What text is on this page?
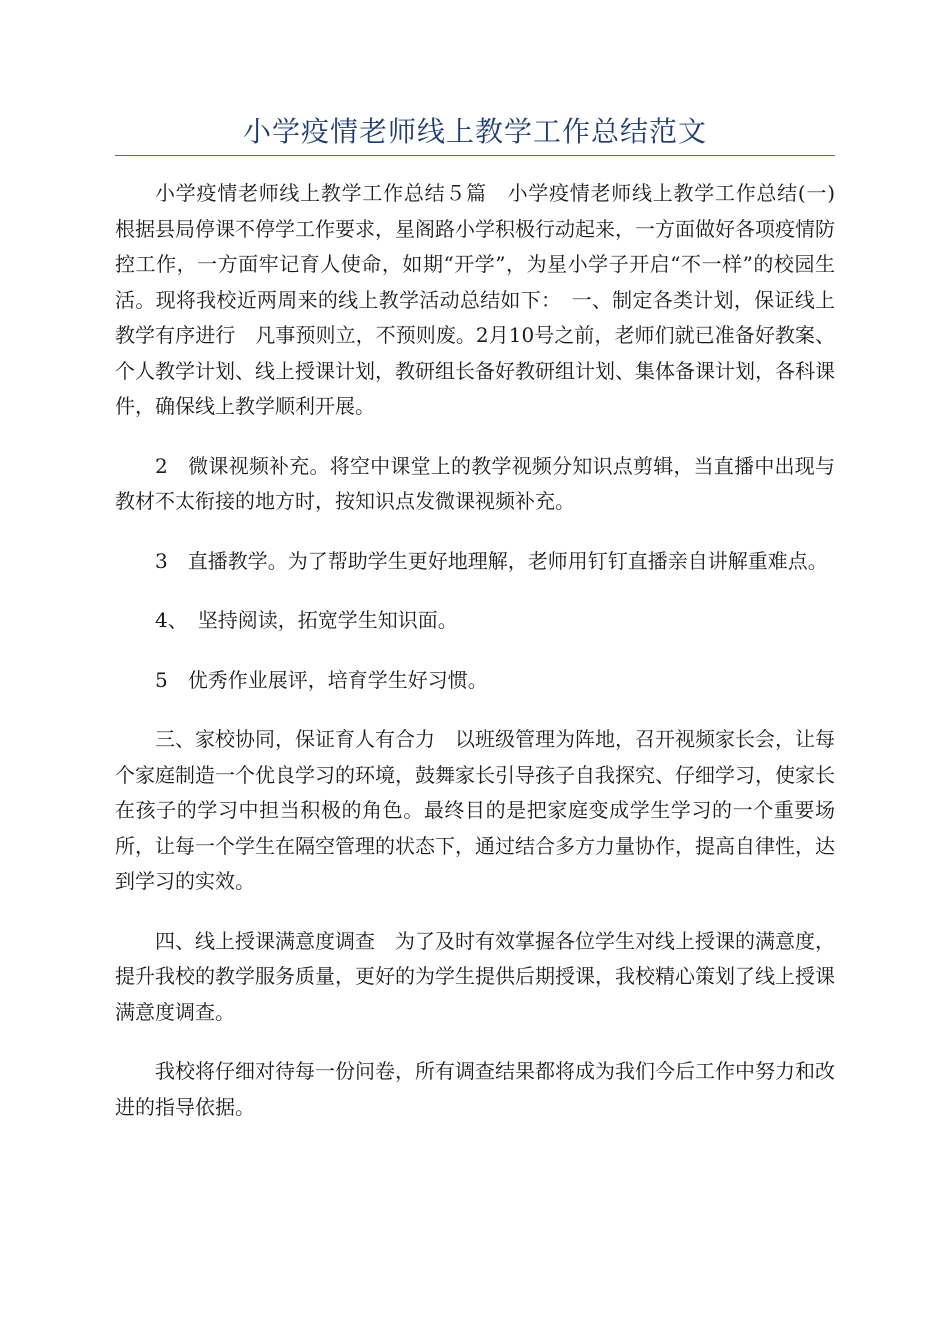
小学疫情老师线上教学工作总结范文

小学疫情老师线上教学工作总结５篇　小学疫情老师线上教学工作总结(一)　根据县局停课不停学工作要求，星阁路小学积极行动起来，一方面做好各项疫情防控工作，一方面牢记育人使命，如期“开学”，为星小学子开启“不一样”的校园生活。现将我校近两周来的线上教学活动总结如下：　一、制定各类计划，保证线上教学有序进行　凡事预则立，不预则废。2月10号之前，老师们就已准备好教案、个人教学计划、线上授课计划，教研组长备好教研组计划、集体备课计划，各科课件，确保线上教学顺利开展。

2　微课视频补充。将空中课堂上的教学视频分知识点剪辑，当直播中出现与教材不太衔接的地方时，按知识点发微课视频补充。

3　直播教学。为了帮助学生更好地理解，老师用钉钉直播亲自讲解重难点。

4、　坚持阅读，拓宽学生知识面。

5　优秀作业展评，培育学生好习惯。

三、家校协同，保证育人有合力　以班级管理为阵地，召开视频家长会，让每个家庭制造一个优良学习的环境，鼓舞家长引导孩子自我探究、仔细学习，使家长在孩子的学习中担当积极的角色。最终目的是把家庭变成学生学习的一个重要场所，让每一个学生在隔空管理的状态下，通过结合多方力量协作，提高自律性，达到学习的实效。

四、线上授课满意度调查　为了及时有效掌握各位学生对线上授课的满意度，提升我校的教学服务质量，更好的为学生提供后期授课，我校精心策划了线上授课满意度调查。

我校将仔细对待每一份问卷，所有调查结果都将成为我们今后工作中努力和改进的指导依据。
